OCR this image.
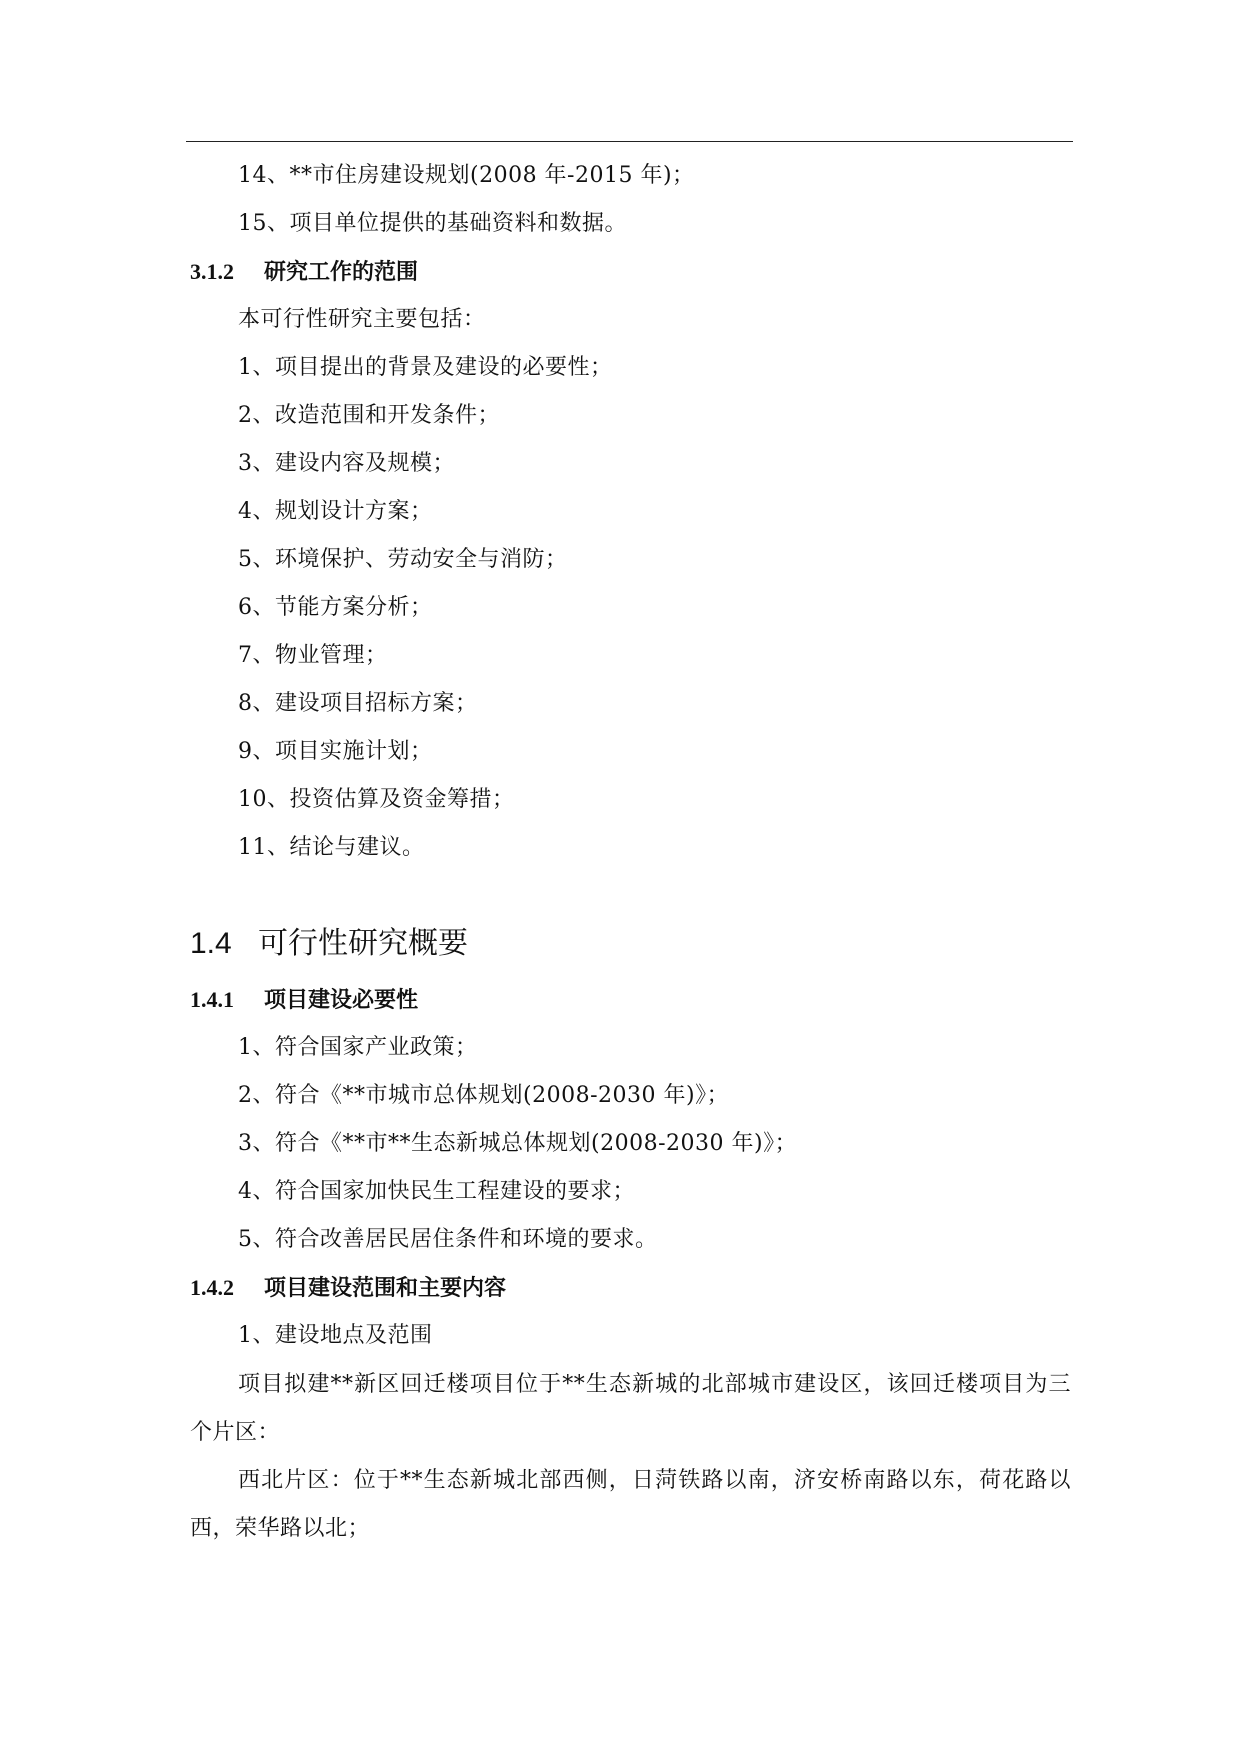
14、**市住房建设规划(2008 年-2015 年)；
15、项目单位提供的基础资料和数据。
3.1.2 研究工作的范围
本可行性研究主要包括：
1、项目提出的背景及建设的必要性；
2、改造范围和开发条件；
3、建设内容及规模；
4、规划设计方案；
5、环境保护、劳动安全与消防；
6、节能方案分析；
7、物业管理；
8、建设项目招标方案；
9、项目实施计划；
10、投资估算及资金筹措；
11、结论与建议。
1.4 可行性研究概要
1.4.1 项目建设必要性
1、符合国家产业政策；
2、符合《**市城市总体规划(2008-2030 年)》；
3、符合《**市**生态新城总体规划(2008-2030 年)》；
4、符合国家加快民生工程建设的要求；
5、符合改善居民居住条件和环境的要求。
1.4.2 项目建设范围和主要内容
1、建设地点及范围
项目拟建**新区回迁楼项目位于**生态新城的北部城市建设区，该回迁楼项目为三个片区：
西北片区：位于**生态新城北部西侧，日菏铁路以南，济安桥南路以东，荷花路以西，荣华路以北；
